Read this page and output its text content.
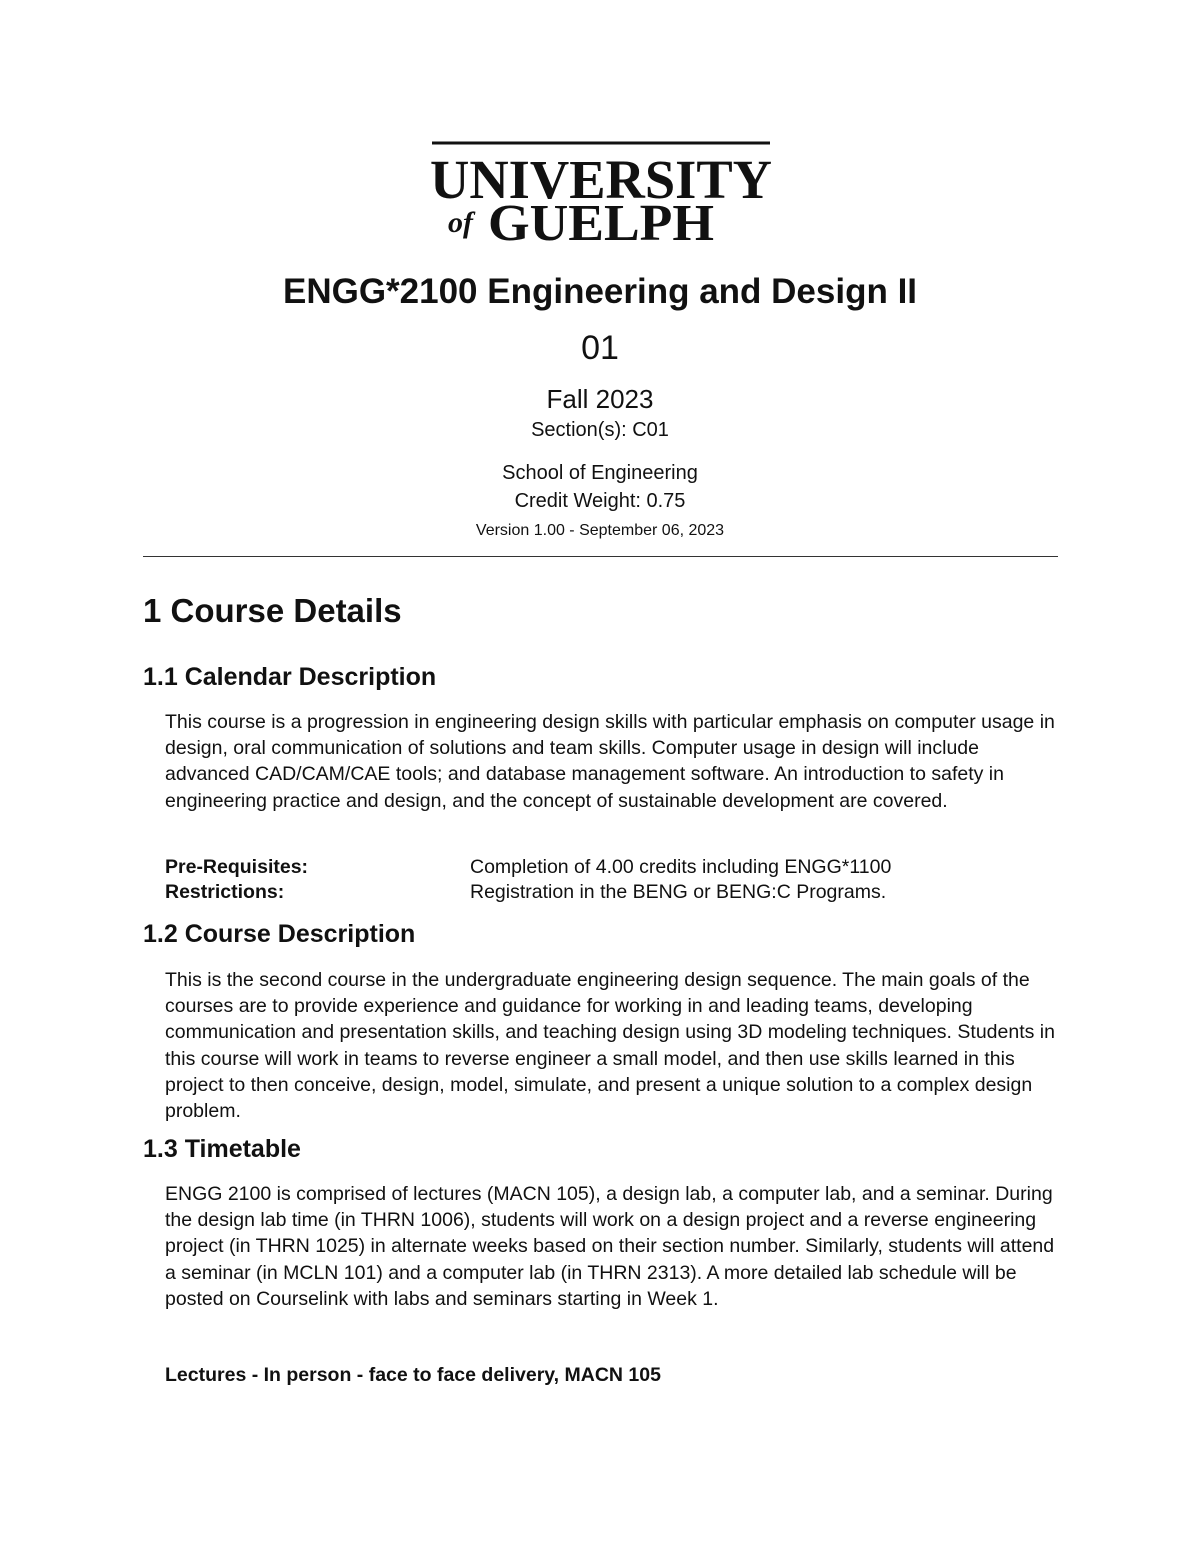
UNIVERSITY
of GUELPH
ENGG*2100 Engineering and Design II
01
Fall 2023
Section(s): C01
School of Engineering
Credit Weight: 0.75
Version 1.00 - September 06, 2023
1 Course Details
1.1 Calendar Description

This course is a progression in engineering design skills with particular emphasis on computer usage in design, oral communication of solutions and team skills. Computer usage in design will include advanced CAD/CAM/CAE tools; and database management software. An introduction to safety in engineering practice and design, and the concept of sustainable development are covered.

Pre-Requisites:	Completion of 4.00 credits including ENGG*1100
Restrictions:	Registration in the BENG or BENG:C Programs.
1.2 Course Description

This is the second course in the undergraduate engineering design sequence. The main goals of the courses are to provide experience and guidance for working in and leading teams, developing communication and presentation skills, and teaching design using 3D modeling techniques. Students in this course will work in teams to reverse engineer a small model, and then use skills learned in this project to then conceive, design, model, simulate, and present a unique solution to a complex design problem.

1.3 Timetable

ENGG 2100 is comprised of lectures (MACN 105), a design lab, a computer lab, and a seminar. During the design lab time (in THRN 1006), students will work on a design project and a reverse engineering project (in THRN 1025) in alternate weeks based on their section number. Similarly, students will attend a seminar (in MCLN 101) and a computer lab (in THRN 2313). A more detailed lab schedule will be posted on Courselink with labs and seminars starting in Week 1.

Lectures - In person - face to face delivery, MACN 105
